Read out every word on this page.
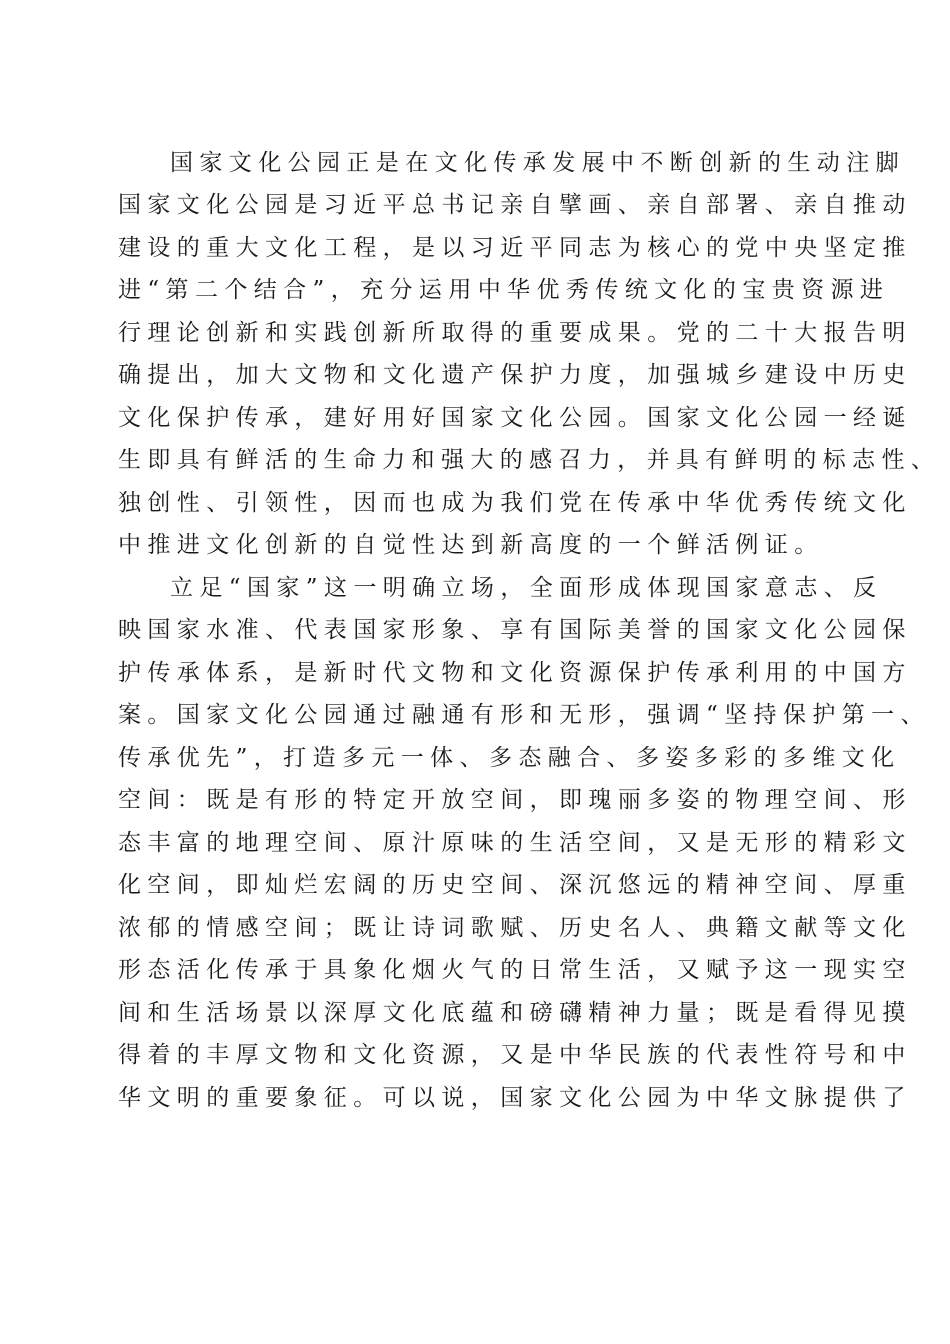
国家文化公园正是在文化传承发展中不断创新的生动注脚
国家文化公园是习近平总书记亲自擘画、亲自部署、亲自推动
建设的重大文化工程，是以习近平同志为核心的党中央坚定推
进“第二个结合”，充分运用中华优秀传统文化的宝贵资源进
行理论创新和实践创新所取得的重要成果。党的二十大报告明
确提出，加大文物和文化遗产保护力度，加强城乡建设中历史
文化保护传承，建好用好国家文化公园。国家文化公园一经诞
生即具有鲜活的生命力和强大的感召力，并具有鲜明的标志性、
独创性、引领性，因而也成为我们党在传承中华优秀传统文化
中推进文化创新的自觉性达到新高度的一个鲜活例证。
立足“国家”这一明确立场，全面形成体现国家意志、反
映国家水准、代表国家形象、享有国际美誉的国家文化公园保
护传承体系，是新时代文物和文化资源保护传承利用的中国方
案。国家文化公园通过融通有形和无形，强调“坚持保护第一、
传承优先”，打造多元一体、多态融合、多姿多彩的多维文化
空间：既是有形的特定开放空间，即瑰丽多姿的物理空间、形
态丰富的地理空间、原汁原味的生活空间，又是无形的精彩文
化空间，即灿烂宏阔的历史空间、深沉悠远的精神空间、厚重
浓郁的情感空间；既让诗词歌赋、历史名人、典籍文献等文化
形态活化传承于具象化烟火气的日常生活，又赋予这一现实空
间和生活场景以深厚文化底蕴和磅礴精神力量；既是看得见摸
得着的丰厚文物和文化资源，又是中华民族的代表性符号和中
华文明的重要象征。可以说，国家文化公园为中华文脉提供了
